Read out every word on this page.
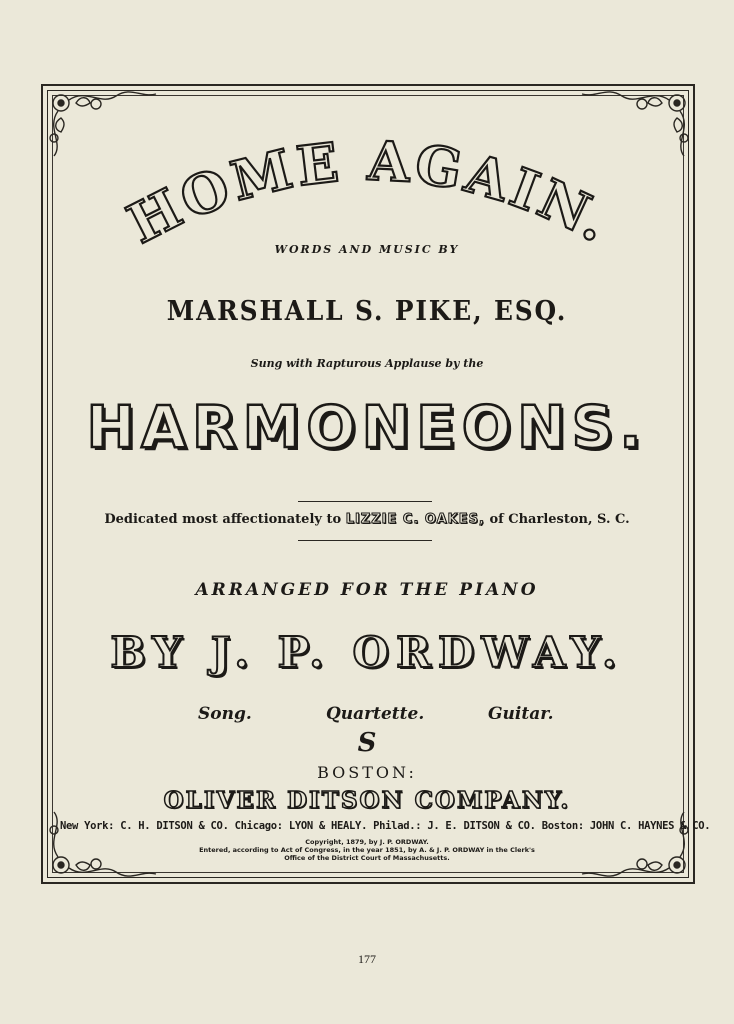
HOME AGAIN.
WORDS AND MUSIC BY
MARSHALL S. PIKE, ESQ.
Sung with Rapturous Applause by the
HARMONEONS.
Dedicated most affectionately to LIZZIE C. OAKES, of Charleston, S. C.
ARRANGED FOR THE PIANO
BY J. P. ORDWAY.
Song.	Quartette.	Guitar.
S
BOSTON:
OLIVER DITSON COMPANY.
New York: C. H. DITSON & CO. Chicago: LYON & HEALY. Philad.: J. E. DITSON & CO. Boston: JOHN C. HAYNES & CO.
Copyright, 1879, by J. P. ORDWAY.
Entered, according to Act of Congress, in the year 1851, by A. & J. P. ORDWAY in the Clerk's
Office of the District Court of Massachusetts.
177
